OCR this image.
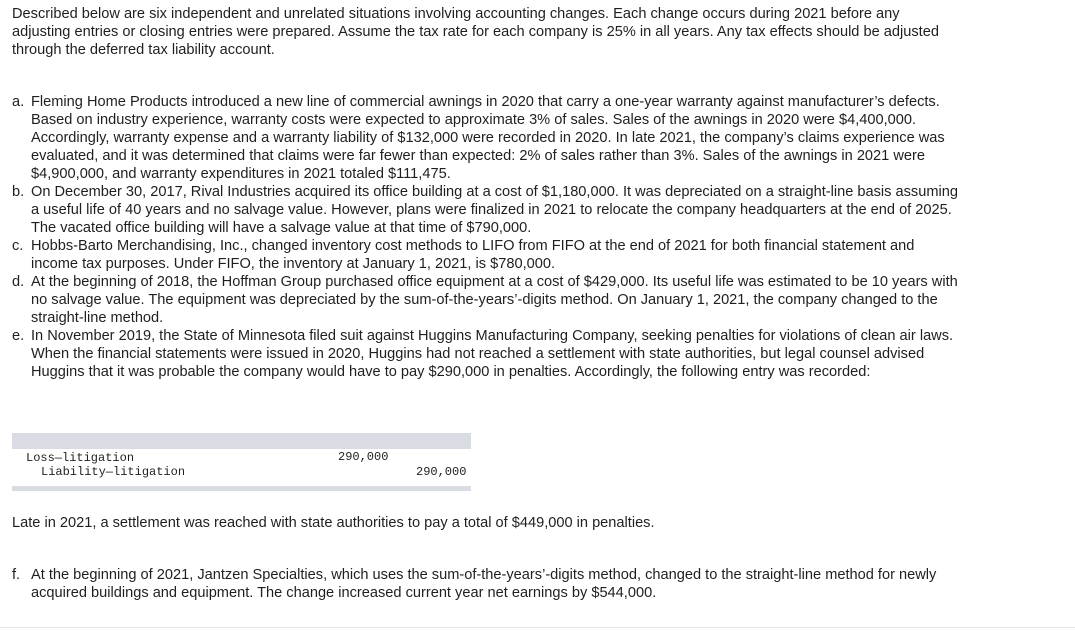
Described below are six independent and unrelated situations involving accounting changes. Each change occurs during 2021 before any adjusting entries or closing entries were prepared. Assume the tax rate for each company is 25% in all years. Any tax effects should be adjusted through the deferred tax liability account.

a. Fleming Home Products introduced a new line of commercial awnings in 2020 that carry a one-year warranty against manufacturer’s defects. Based on industry experience, warranty costs were expected to approximate 3% of sales. Sales of the awnings in 2020 were $4,400,000. Accordingly, warranty expense and a warranty liability of $132,000 were recorded in 2020. In late 2021, the company’s claims experience was evaluated, and it was determined that claims were far fewer than expected: 2% of sales rather than 3%. Sales of the awnings in 2021 were $4,900,000, and warranty expenditures in 2021 totaled $111,475.
b. On December 30, 2017, Rival Industries acquired its office building at a cost of $1,180,000. It was depreciated on a straight-line basis assuming a useful life of 40 years and no salvage value. However, plans were finalized in 2021 to relocate the company headquarters at the end of 2025. The vacated office building will have a salvage value at that time of $790,000.
c. Hobbs-Barto Merchandising, Inc., changed inventory cost methods to LIFO from FIFO at the end of 2021 for both financial statement and income tax purposes. Under FIFO, the inventory at January 1, 2021, is $780,000.
d. At the beginning of 2018, the Hoffman Group purchased office equipment at a cost of $429,000. Its useful life was estimated to be 10 years with no salvage value. The equipment was depreciated by the sum-of-the-years’-digits method. On January 1, 2021, the company changed to the straight-line method.
e. In November 2019, the State of Minnesota filed suit against Huggins Manufacturing Company, seeking penalties for violations of clean air laws. When the financial statements were issued in 2020, Huggins had not reached a settlement with state authorities, but legal counsel advised Huggins that it was probable the company would have to pay $290,000 in penalties. Accordingly, the following entry was recorded:
Loss—litigation	290,000
Liability—litigation	290,000

Late in 2021, a settlement was reached with state authorities to pay a total of $449,000 in penalties.

f. At the beginning of 2021, Jantzen Specialties, which uses the sum-of-the-years’-digits method, changed to the straight-line method for newly acquired buildings and equipment. The change increased current year net earnings by $544,000.
